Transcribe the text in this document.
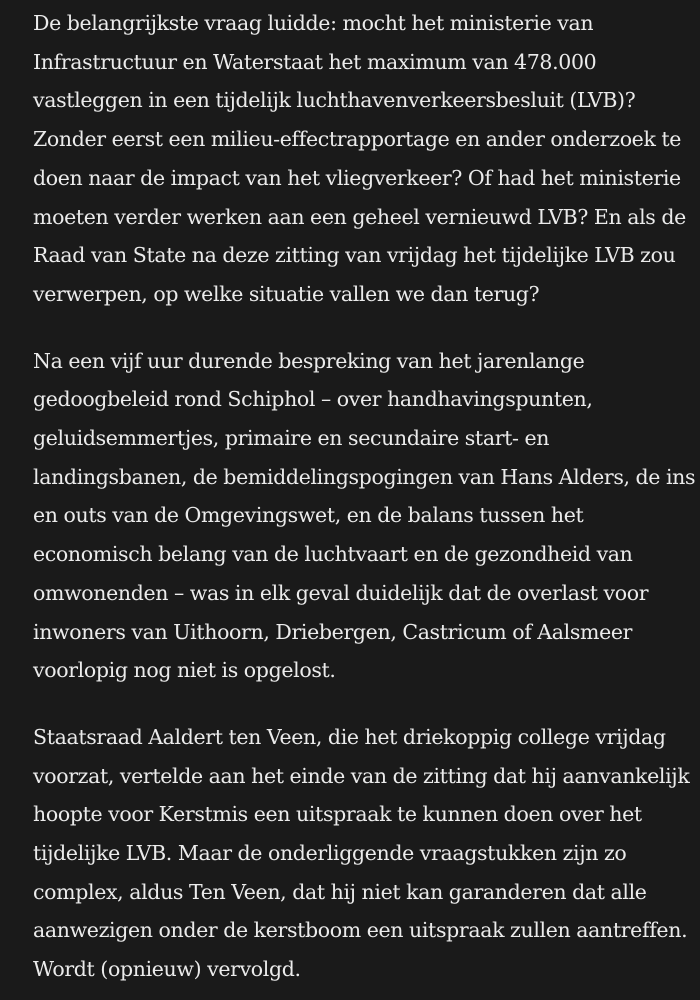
De belangrijkste vraag luidde: mocht het ministerie van
Infrastructuur en Waterstaat het maximum van 478.000
vastleggen in een tijdelijk luchthavenverkeersbesluit (LVB)?
Zonder eerst een milieu-effectrapportage en ander onderzoek te
doen naar de impact van het vliegverkeer? Of had het ministerie
moeten verder werken aan een geheel vernieuwd LVB? En als de
Raad van State na deze zitting van vrijdag het tijdelijke LVB zou
verwerpen, op welke situatie vallen we dan terug?

Na een vijf uur durende bespreking van het jarenlange
gedoogbeleid rond Schiphol – over handhavingspunten,
geluidsemmertjes, primaire en secundaire start- en
landingsbanen, de bemiddelingspogingen van Hans Alders, de ins
en outs van de Omgevingswet, en de balans tussen het
economisch belang van de luchtvaart en de gezondheid van
omwonenden – was in elk geval duidelijk dat de overlast voor
inwoners van Uithoorn, Driebergen, Castricum of Aalsmeer
voorlopig nog niet is opgelost.

Staatsraad Aaldert ten Veen, die het driekoppig college vrijdag
voorzat, vertelde aan het einde van de zitting dat hij aanvankelijk
hoopte voor Kerstmis een uitspraak te kunnen doen over het
tijdelijke LVB. Maar de onderliggende vraagstukken zijn zo
complex, aldus Ten Veen, dat hij niet kan garanderen dat alle
aanwezigen onder de kerstboom een uitspraak zullen aantreffen.
Wordt (opnieuw) vervolgd.
